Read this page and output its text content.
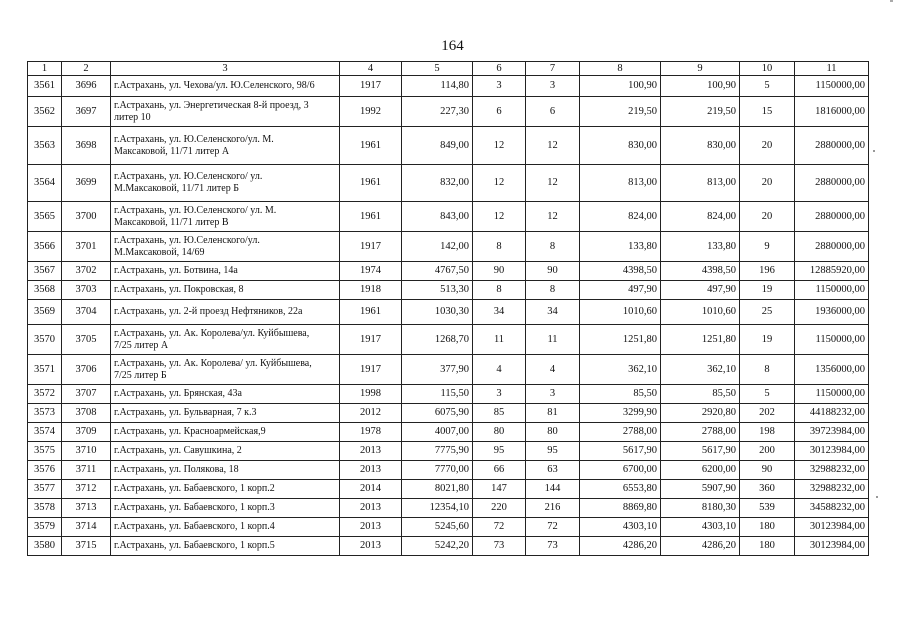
164
1	2	3	4	5	6	7	8	9	10	11
3561	3696	г.Астрахань, ул. Чехова/ул. Ю.Селенского, 98/6	1917	114,80	3	3	100,90	100,90	5	1150000,00
3562	3697	г.Астрахань, ул. Энергетическая 8-й проезд, 3
литер 10	1992	227,30	6	6	219,50	219,50	15	1816000,00
3563	3698	г.Астрахань, ул. Ю.Селенского/ул. М.
Максаковой, 11/71 литер А	1961	849,00	12	12	830,00	830,00	20	2880000,00
3564	3699	г.Астрахань, ул. Ю.Селенского/ ул.
М.Максаковой, 11/71 литер Б	1961	832,00	12	12	813,00	813,00	20	2880000,00
3565	3700	г.Астрахань, ул. Ю.Селенского/ ул. М.
Максаковой, 11/71 литер В	1961	843,00	12	12	824,00	824,00	20	2880000,00
3566	3701	г.Астрахань, ул. Ю.Селенского/ул.
М.Максаковой, 14/69	1917	142,00	8	8	133,80	133,80	9	2880000,00
3567	3702	г.Астрахань, ул. Ботвина, 14а	1974	4767,50	90	90	4398,50	4398,50	196	12885920,00
3568	3703	г.Астрахань, ул. Покровская, 8	1918	513,30	8	8	497,90	497,90	19	1150000,00
3569	3704	г.Астрахань, ул. 2-й проезд Нефтяников, 22а	1961	1030,30	34	34	1010,60	1010,60	25	1936000,00
3570	3705	г.Астрахань, ул. Ак. Королева/ул. Куйбышева,
7/25 литер А	1917	1268,70	11	11	1251,80	1251,80	19	1150000,00
3571	3706	г.Астрахань, ул. Ак. Королева/ ул. Куйбышева,
7/25 литер Б	1917	377,90	4	4	362,10	362,10	8	1356000,00
3572	3707	г.Астрахань, ул. Брянская, 43а	1998	115,50	3	3	85,50	85,50	5	1150000,00
3573	3708	г.Астрахань, ул. Бульварная, 7 к.3	2012	6075,90	85	81	3299,90	2920,80	202	44188232,00
3574	3709	г.Астрахань, ул. Красноармейская,9	1978	4007,00	80	80	2788,00	2788,00	198	39723984,00
3575	3710	г.Астрахань, ул. Савушкина, 2	2013	7775,90	95	95	5617,90	5617,90	200	30123984,00
3576	3711	г.Астрахань, ул. Полякова, 18	2013	7770,00	66	63	6700,00	6200,00	90	32988232,00
3577	3712	г.Астрахань, ул. Бабаевского, 1 корп.2	2014	8021,80	147	144	6553,80	5907,90	360	32988232,00
3578	3713	г.Астрахань, ул. Бабаевского, 1 корп.3	2013	12354,10	220	216	8869,80	8180,30	539	34588232,00
3579	3714	г.Астрахань, ул. Бабаевского, 1 корп.4	2013	5245,60	72	72	4303,10	4303,10	180	30123984,00
3580	3715	г.Астрахань, ул. Бабаевского, 1 корп.5	2013	5242,20	73	73	4286,20	4286,20	180	30123984,00
